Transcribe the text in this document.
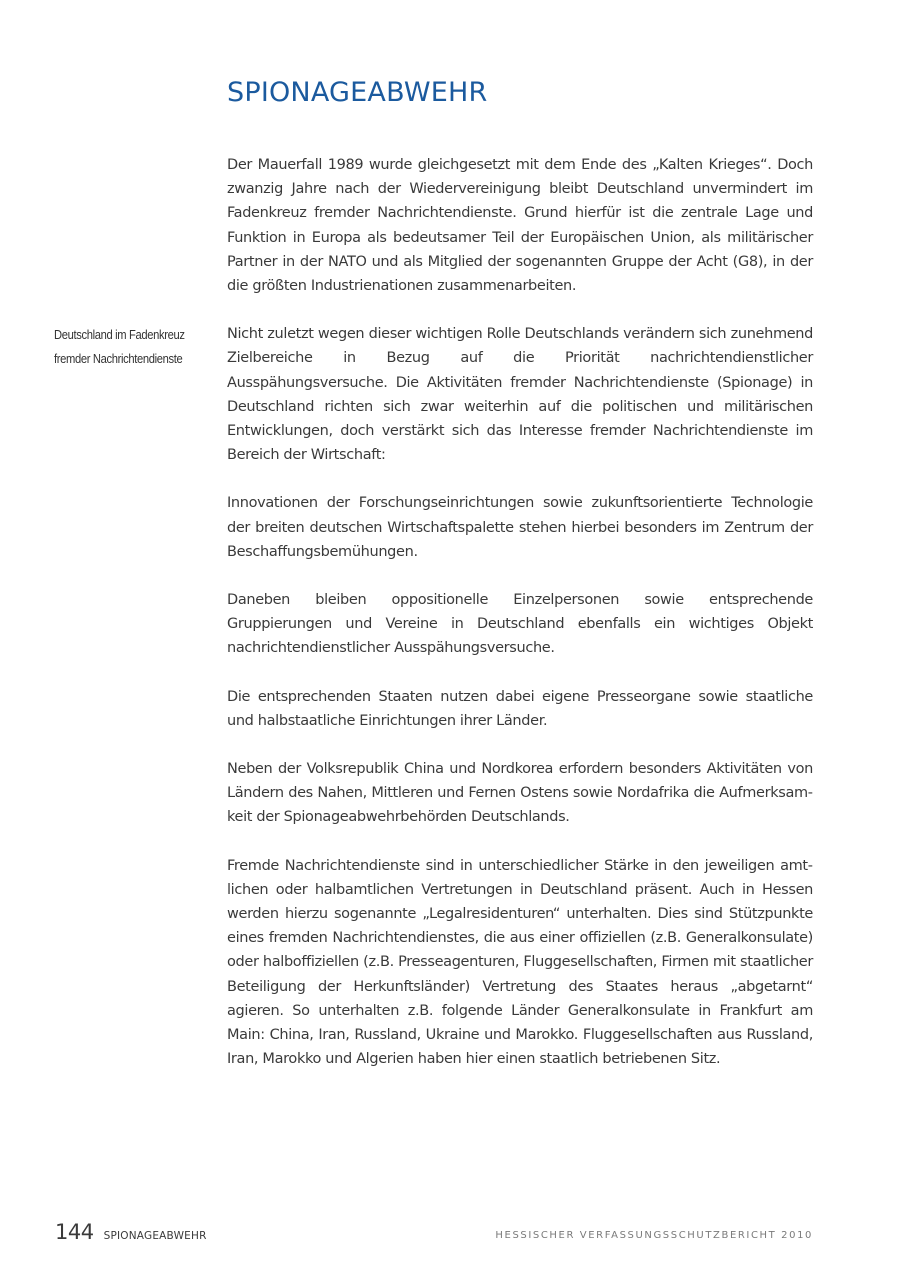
SPIONAGEABWEHR

Der Mauerfall 1989 wurde gleichgesetzt mit dem Ende des „Kalten Krieges“. Doch zwanzig Jahre nach der Wiedervereinigung bleibt Deutschland unvermindert im Fadenkreuz fremder Nachrichtendienste. Grund hierfür ist die zentrale Lage und Funktion in Europa als bedeutsamer Teil der Europäischen Union, als militärischer Partner in der NATO und als Mitglied der sogenannten Gruppe der Acht (G8), in der die größten Industrienationen zusammenarbeiten.

Deutschland im Fadenkreuz
fremder Nachrichtendienste

Nicht zuletzt wegen dieser wichtigen Rolle Deutschlands verändern sich zunehmend Zielbereiche in Bezug auf die Priorität nachrichtendienstlicher Ausspähungsversuche. Die Aktivitäten fremder Nachrichtendienste (Spionage) in Deutschland richten sich zwar weiterhin auf die politischen und militärischen Entwicklungen, doch verstärkt sich das Interesse fremder Nachrichtendienste im Bereich der Wirtschaft:

Innovationen der Forschungseinrichtungen sowie zukunftsorientierte Technologie der breiten deutschen Wirtschaftspalette stehen hierbei besonders im Zentrum der Beschaffungsbemühungen.

Daneben bleiben oppositionelle Einzelpersonen sowie entsprechende Gruppierungen und Vereine in Deutschland ebenfalls ein wichtiges Objekt nachrichtendienstlicher Ausspähungsversuche.

Die entsprechenden Staaten nutzen dabei eigene Presseorgane sowie staatliche und halbstaatliche Einrichtungen ihrer Länder.

Neben der Volksrepublik China und Nordkorea erfordern besonders Aktivitäten von Ländern des Nahen, Mittleren und Fernen Ostens sowie Nordafrika die Aufmerksamkeit der Spionageabwehrbehörden Deutschlands.

Fremde Nachrichtendienste sind in unterschiedlicher Stärke in den jeweiligen amtlichen oder halbamtlichen Vertretungen in Deutschland präsent. Auch in Hessen werden hierzu sogenannte „Legalresidenturen“ unterhalten. Dies sind Stützpunkte eines fremden Nachrichtendienstes, die aus einer offiziellen (z.B. Generalkonsulate) oder halboffiziellen (z.B. Presseagenturen, Fluggesellschaften, Firmen mit staatlicher Beteiligung der Herkunftsländer) Vertretung des Staates heraus „abgetarnt“ agieren. So unterhalten z.B. folgende Länder Generalkonsulate in Frankfurt am Main: China, Iran, Russland, Ukraine und Marokko. Fluggesellschaften aus Russland, Iran, Marokko und Algerien haben hier einen staatlich betriebenen Sitz.

144 SPIONAGEABWEHR	HESSISCHER VERFASSUNGSSCHUTZBERICHT 2010
